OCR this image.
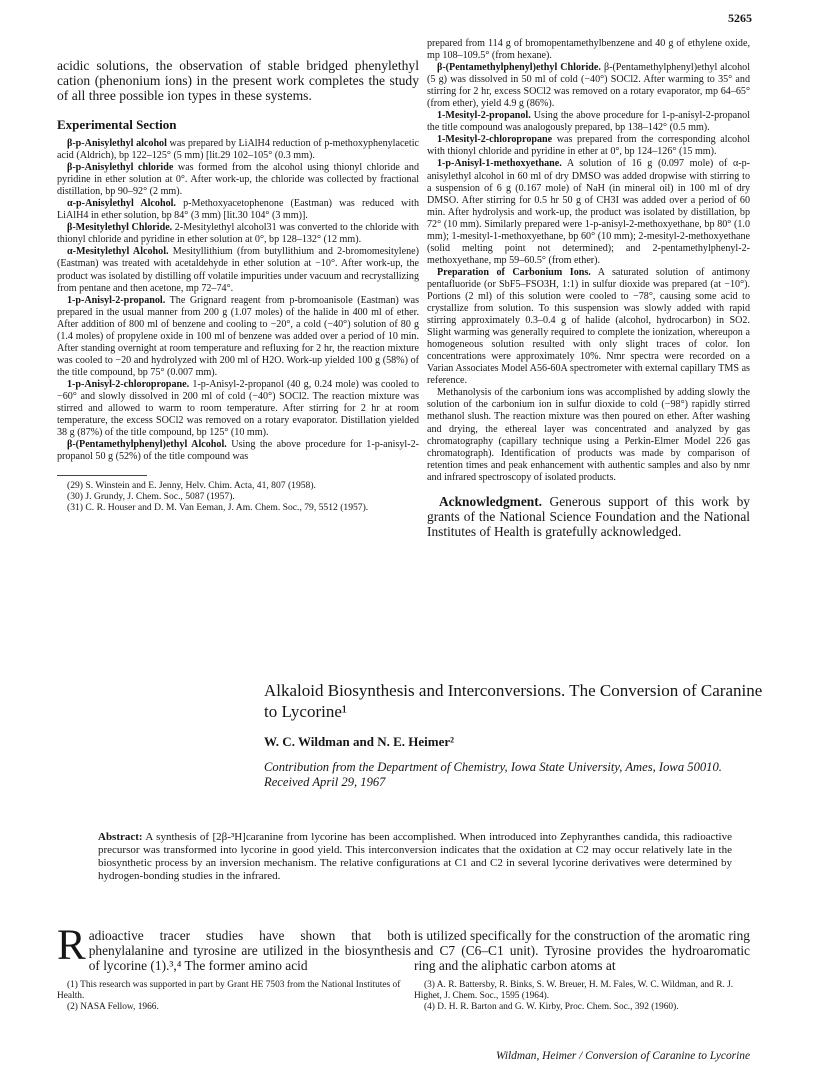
5265

acidic solutions, the observation of stable bridged phenylethyl cation (phenonium ions) in the present work completes the study of all three possible ion types in these systems.

Experimental Section

β-p-Anisylethyl alcohol was prepared by LiAlH4 reduction of p-methoxyphenylacetic acid (Aldrich), bp 122–125° (5 mm) [lit.29 102–105° (0.3 mm).

β-p-Anisylethyl chloride was formed from the alcohol using thionyl chloride and pyridine in ether solution at 0°. After work-up, the chloride was collected by fractional distillation, bp 90–92° (2 mm).

α-p-Anisylethyl Alcohol. p-Methoxyacetophenone (Eastman) was reduced with LiAlH4 in ether solution, bp 84° (3 mm) [lit.30 104° (3 mm)].

β-Mesitylethyl Chloride. 2-Mesitylethyl alcohol31 was converted to the chloride with thionyl chloride and pyridine in ether solution at 0°, bp 128–132° (12 mm).

α-Mesitylethyl Alcohol. Mesityllithium (from butyllithium and 2-bromomesitylene) (Eastman) was treated with acetaldehyde in ether solution at −10°. After work-up, the product was isolated by distilling off volatile impurities under vacuum and recrystallizing from pentane and then acetone, mp 72–74°.

1-p-Anisyl-2-propanol. The Grignard reagent from p-bromoanisole (Eastman) was prepared in the usual manner from 200 g (1.07 moles) of the halide in 400 ml of ether. After addition of 800 ml of benzene and cooling to −20°, a cold (−40°) solution of 80 g (1.4 moles) of propylene oxide in 100 ml of benzene was added over a period of 10 min. After standing overnight at room temperature and refluxing for 2 hr, the reaction mixture was cooled to −20 and hydrolyzed with 200 ml of H2O. Work-up yielded 100 g (58%) of the title compound, bp 75° (0.007 mm).

1-p-Anisyl-2-chloropropane. 1-p-Anisyl-2-propanol (40 g, 0.24 mole) was cooled to −60° and slowly dissolved in 200 ml of cold (−40°) SOCl2. The reaction mixture was stirred and allowed to warm to room temperature. After stirring for 2 hr at room temperature, the excess SOCl2 was removed on a rotary evaporator. Distillation yielded 38 g (87%) of the title compound, bp 125° (10 mm).

β-(Pentamethylphenyl)ethyl Alcohol. Using the above procedure for 1-p-anisyl-2-propanol 50 g (52%) of the title compound was

(29) S. Winstein and E. Jenny, Helv. Chim. Acta, 41, 807 (1958).

(30) J. Grundy, J. Chem. Soc., 5087 (1957).

(31) C. R. Houser and D. M. Van Eeman, J. Am. Chem. Soc., 79, 5512 (1957).

prepared from 114 g of bromopentamethylbenzene and 40 g of ethylene oxide, mp 108–109.5° (from hexane).

β-(Pentamethylphenyl)ethyl Chloride. β-(Pentamethylphenyl)ethyl alcohol (5 g) was dissolved in 50 ml of cold (−40°) SOCl2. After warming to 35° and stirring for 2 hr, excess SOCl2 was removed on a rotary evaporator, mp 64–65° (from ether), yield 4.9 g (86%).

1-Mesityl-2-propanol. Using the above procedure for 1-p-anisyl-2-propanol the title compound was analogously prepared, bp 138–142° (0.5 mm).

1-Mesityl-2-chloropropane was prepared from the corresponding alcohol with thionyl chloride and pyridine in ether at 0°, bp 124–126° (15 mm).

1-p-Anisyl-1-methoxyethane. A solution of 16 g (0.097 mole) of α-p-anisylethyl alcohol in 60 ml of dry DMSO was added dropwise with stirring to a suspension of 6 g (0.167 mole) of NaH (in mineral oil) in 100 ml of dry DMSO. After stirring for 0.5 hr 50 g of CH3I was added over a period of 60 min. After hydrolysis and work-up, the product was isolated by distillation, bp 72° (10 mm). Similarly prepared were 1-p-anisyl-2-methoxyethane, bp 80° (1.0 mm); 1-mesityl-1-methoxyethane, bp 60° (10 mm); 2-mesityl-2-methoxyethane (solid melting point not determined); and 2-pentamethylphenyl-2-methoxyethane, mp 59–60.5° (from ether).

Preparation of Carbonium Ions. A saturated solution of antimony pentafluoride (or SbF5–FSO3H, 1:1) in sulfur dioxide was prepared (at −10°). Portions (2 ml) of this solution were cooled to −78°, causing some acid to crystallize from solution. To this suspension was slowly added with rapid stirring approximately 0.3–0.4 g of halide (alcohol, hydrocarbon) in SO2. Slight warming was generally required to complete the ionization, whereupon a homogeneous solution resulted with only slight traces of color. Ion concentrations were approximately 10%. Nmr spectra were recorded on a Varian Associates Model A56-60A spectrometer with external capillary TMS as reference.

Methanolysis of the carbonium ions was accomplished by adding slowly the solution of the carbonium ion in sulfur dioxide to cold (−98°) rapidly stirred methanol slush. The reaction mixture was then poured on ether. After washing and drying, the ethereal layer was concentrated and analyzed by gas chromatography (capillary technique using a Perkin-Elmer Model 226 gas chromatograph). Identification of products was made by comparison of retention times and peak enhancement with authentic samples and also by nmr and infrared spectroscopy of isolated products.

Acknowledgment. Generous support of this work by grants of the National Science Foundation and the National Institutes of Health is gratefully acknowledged.

Alkaloid Biosynthesis and Interconversions. The Conversion of Caranine to Lycorine¹

W. C. Wildman and N. E. Heimer²

Contribution from the Department of Chemistry, Iowa State University, Ames, Iowa 50010. Received April 29, 1967

Abstract: A synthesis of [2β-³H]caranine from lycorine has been accomplished. When introduced into Zephyranthes candida, this radioactive precursor was transformed into lycorine in good yield. This interconversion indicates that the oxidation at C2 may occur relatively late in the biosynthetic process by an inversion mechanism. The relative configurations at C1 and C2 in several lycorine derivatives were determined by hydrogen-bonding studies in the infrared.

Radioactive tracer studies have shown that both phenylalanine and tyrosine are utilized in the biosynthesis of lycorine (1).³,⁴ The former amino acid

(1) This research was supported in part by Grant HE 7503 from the National Institutes of Health.

(2) NASA Fellow, 1966.

is utilized specifically for the construction of the aromatic ring and C7 (C6–C1 unit). Tyrosine provides the hydroaromatic ring and the aliphatic carbon atoms at

(3) A. R. Battersby, R. Binks, S. W. Breuer, H. M. Fales, W. C. Wildman, and R. J. Highet, J. Chem. Soc., 1595 (1964).

(4) D. H. R. Barton and G. W. Kirby, Proc. Chem. Soc., 392 (1960).

Wildman, Heimer / Conversion of Caranine to Lycorine
